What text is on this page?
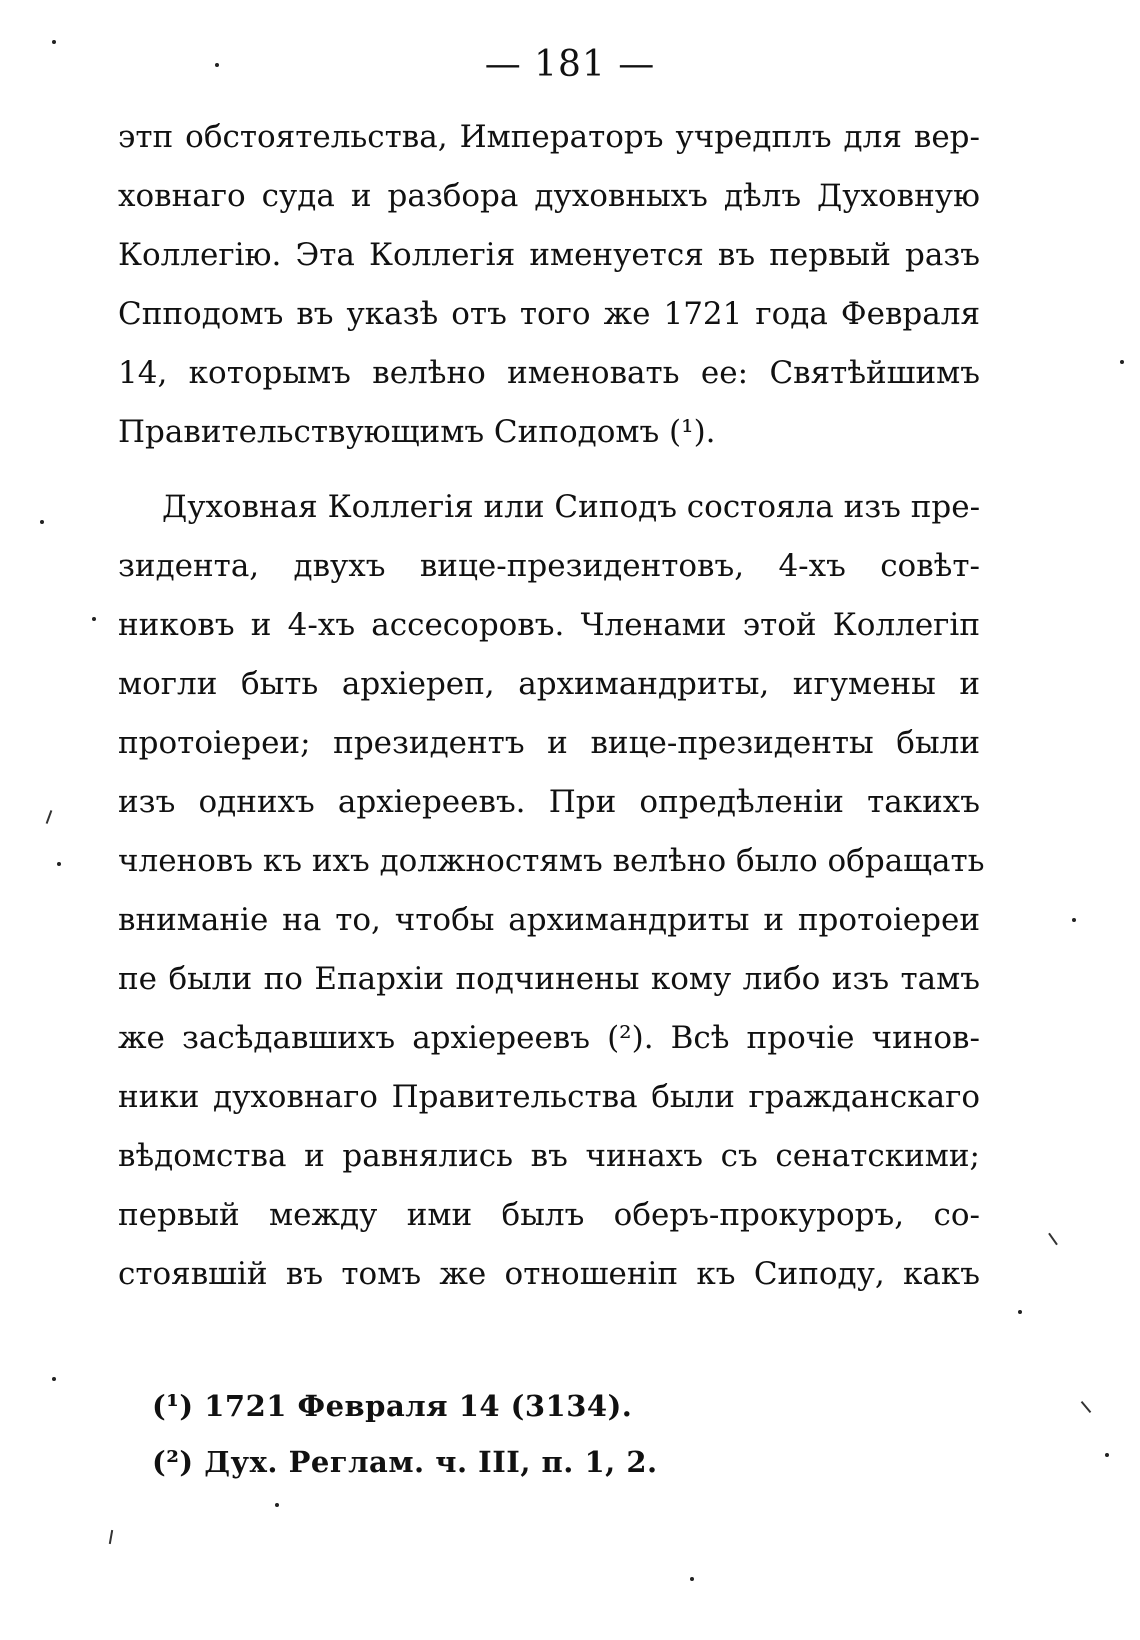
— 181 —
этп обстоятельства, Императоръ учредплъ для вер-
ховнаго суда и разбора духовныхъ дѣлъ Духовную
Коллегію. Эта Коллегія именуется въ первый разъ
Спподомъ въ указѣ отъ того же 1721 года Февраля
14, которымъ велѣно именовать ее: Святѣйшимъ
Правительствующимъ Сиподомъ (¹).
Духовная Коллегія или Сиподъ состояла изъ пре-
зидента, двухъ вице-президентовъ, 4-хъ совѣт-
никовъ и 4-хъ ассесоровъ. Членами этой Коллегіп
могли быть архіереп, архимандриты, игумены и
протоіереи; президентъ и вице-президенты были
изъ однихъ архіерeевъ. При опредѣленіи такихъ
членовъ къ ихъ должностямъ велѣно было обращать
вниманіе на то, чтобы архимандриты и протоіереи
пе были по Епархіи подчинены кому либо изъ тамъ
же засѣдавшихъ архіереевъ (²). Всѣ прочіе чинов-
ники духовнаго Правительства были гражданскаго
вѣдомства и равнялись въ чинахъ съ сенатскими;
первый между ими былъ оберъ-прокуроръ, со-
стоявшій въ томъ же отношеніп къ Сиподу, какъ
(¹) 1721 Февраля 14 (3134).
(²) Дух. Реглам. ч. III, п. 1, 2.
